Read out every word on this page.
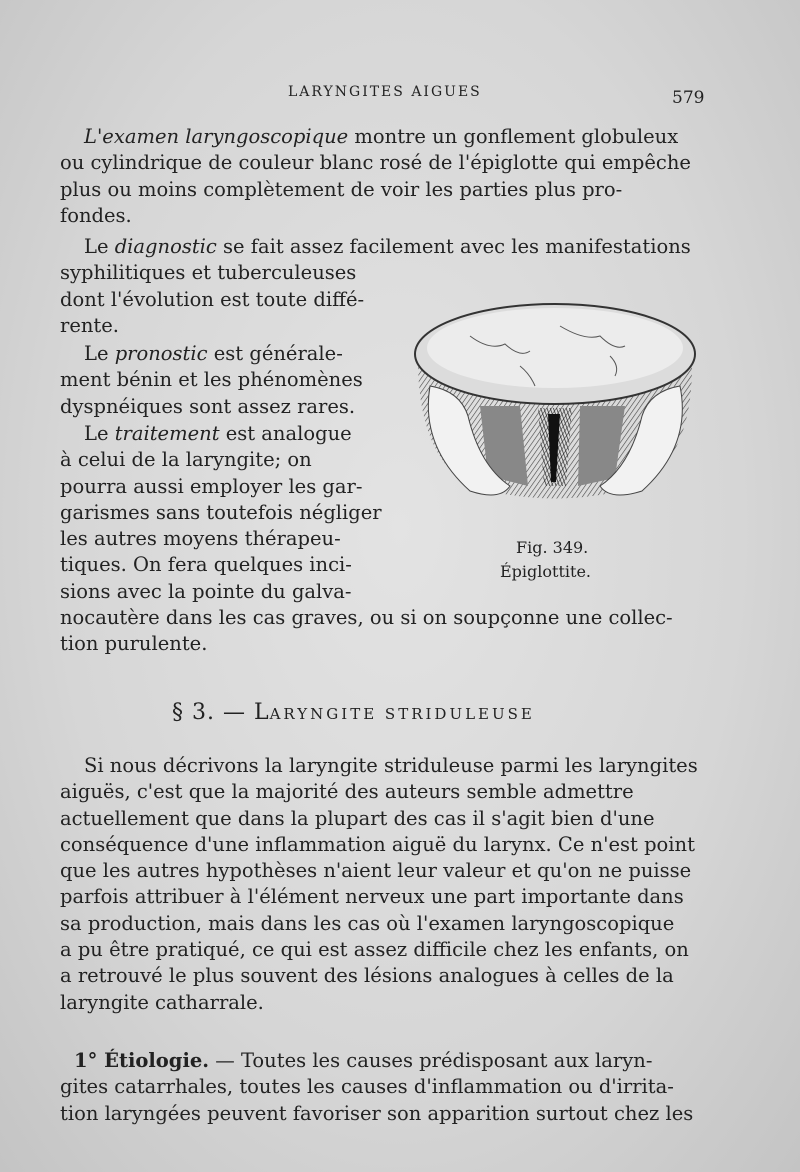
LARYNGITES AIGUES	579
L'examen laryngoscopique montre un gonflement globuleux
ou cylindrique de couleur blanc rosé de l'épiglotte qui empêche
plus ou moins complètement de voir les parties plus pro-
fondes.
Le diagnostic se fait assez facilement avec les manifestations
syphilitiques et tuberculeuses
dont l'évolution est toute diffé-
rente.
Le pronostic est générale-
ment bénin et les phénomènes
dyspnéiques sont assez rares.
Le traitement est analogue
à celui de la laryngite; on
pourra aussi employer les gar-
garismes sans toutefois négliger
les autres moyens thérapeu-
tiques. On fera quelques inci-
sions avec la pointe du galva-
nocautère dans les cas graves, ou si on soupçonne une collec-
tion purulente.
Fig. 349.
Épiglottite.
§ 3. — LARYNGITE STRIDULEUSE
Si nous décrivons la laryngite striduleuse parmi les laryngites
aiguës, c'est que la majorité des auteurs semble admettre
actuellement que dans la plupart des cas il s'agit bien d'une
conséquence d'une inflammation aiguë du larynx. Ce n'est point
que les autres hypothèses n'aient leur valeur et qu'on ne puisse
parfois attribuer à l'élément nerveux une part importante dans
sa production, mais dans les cas où l'examen laryngoscopique
a pu être pratiqué, ce qui est assez difficile chez les enfants, on
a retrouvé le plus souvent des lésions analogues à celles de la
laryngite catharrale.
1° Étiologie. — Toutes les causes prédisposant aux laryn-
gites catarrhales, toutes les causes d'inflammation ou d'irrita-
tion laryngées peuvent favoriser son apparition surtout chez les
